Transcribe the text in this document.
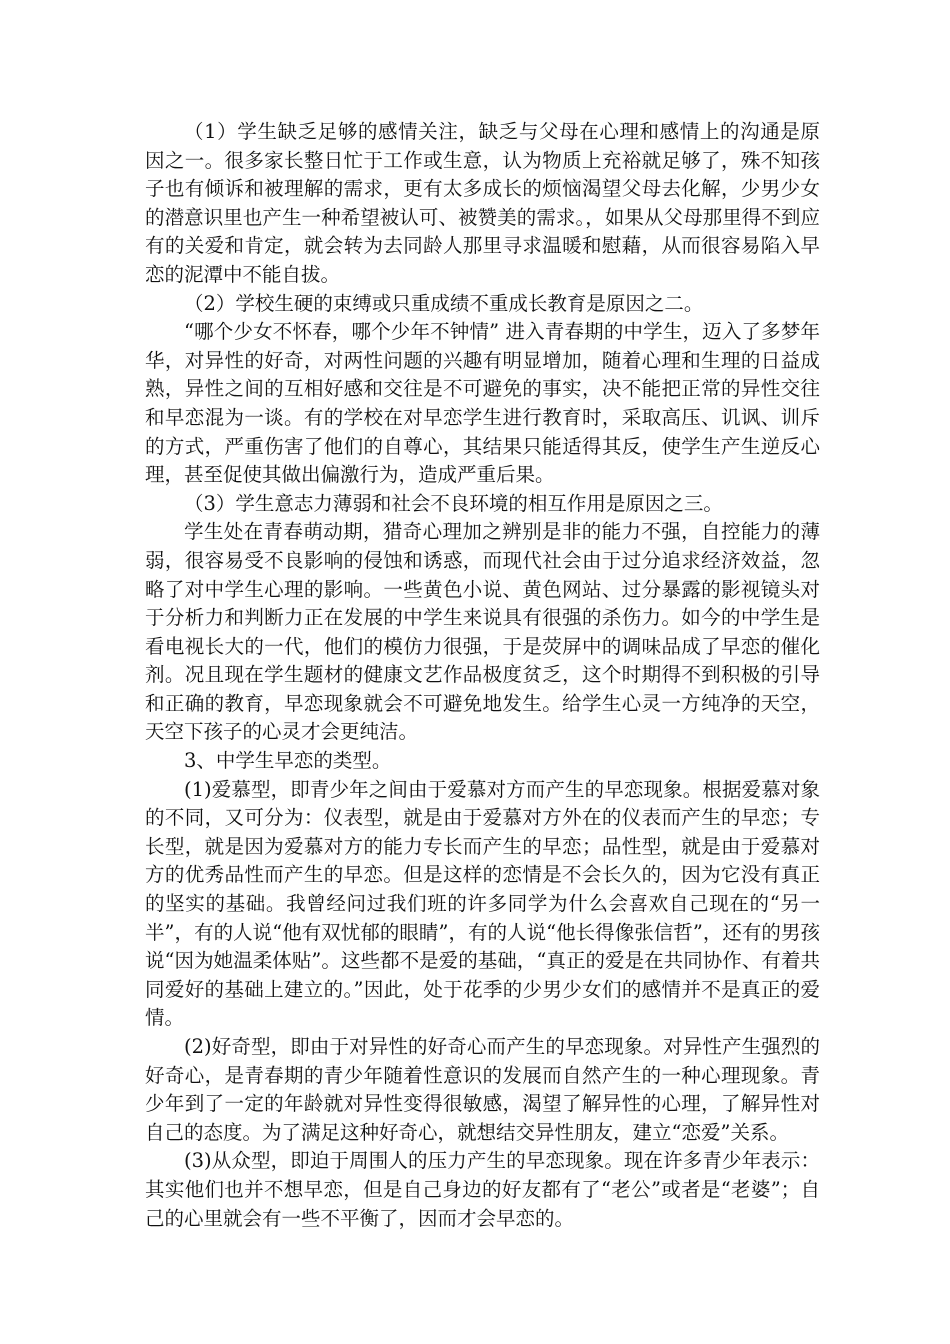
（1）学生缺乏足够的感情关注，缺乏与父母在心理和感情上的沟通是原因之一。很多家长整日忙于工作或生意，认为物质上充裕就足够了，殊不知孩子也有倾诉和被理解的需求，更有太多成长的烦恼渴望父母去化解，少男少女的潜意识里也产生一种希望被认可、被赞美的需求。，如果从父母那里得不到应有的关爱和肯定，就会转为去同龄人那里寻求温暖和慰藉，从而很容易陷入早恋的泥潭中不能自拔。

（2）学校生硬的束缚或只重成绩不重成长教育是原因之二。

“哪个少女不怀春，哪个少年不钟情” 进入青春期的中学生，迈入了多梦年华，对异性的好奇，对两性问题的兴趣有明显增加，随着心理和生理的日益成熟，异性之间的互相好感和交往是不可避免的事实，决不能把正常的异性交往和早恋混为一谈。有的学校在对早恋学生进行教育时，采取高压、讥讽、训斥的方式，严重伤害了他们的自尊心，其结果只能适得其反，使学生产生逆反心理，甚至促使其做出偏激行为，造成严重后果。

（3）学生意志力薄弱和社会不良环境的相互作用是原因之三。

学生处在青春萌动期，猎奇心理加之辨别是非的能力不强，自控能力的薄弱，很容易受不良影响的侵蚀和诱惑，而现代社会由于过分追求经济效益，忽略了对中学生心理的影响。一些黄色小说、黄色网站、过分暴露的影视镜头对于分析力和判断力正在发展的中学生来说具有很强的杀伤力。如今的中学生是看电视长大的一代，他们的模仿力很强，于是荧屏中的调味品成了早恋的催化剂。况且现在学生题材的健康文艺作品极度贫乏，这个时期得不到积极的引导和正确的教育，早恋现象就会不可避免地发生。给学生心灵一方纯净的天空，天空下孩子的心灵才会更纯洁。

3、中学生早恋的类型。

(1)爱慕型，即青少年之间由于爱慕对方而产生的早恋现象。根据爱慕对象的不同，又可分为：仪表型，就是由于爱慕对方外在的仪表而产生的早恋；专长型，就是因为爱慕对方的能力专长而产生的早恋；品性型，就是由于爱慕对方的优秀品性而产生的早恋。但是这样的恋情是不会长久的，因为它没有真正的坚实的基础。我曾经问过我们班的许多同学为什么会喜欢自己现在的“另一半”，有的人说“他有双忧郁的眼睛”，有的人说“他长得像张信哲”，还有的男孩说“因为她温柔体贴”。这些都不是爱的基础，“真正的爱是在共同协作、有着共同爱好的基础上建立的。”因此，处于花季的少男少女们的感情并不是真正的爱情。

(2)好奇型，即由于对异性的好奇心而产生的早恋现象。对异性产生强烈的好奇心，是青春期的青少年随着性意识的发展而自然产生的一种心理现象。青少年到了一定的年龄就对异性变得很敏感，渴望了解异性的心理，了解异性对自己的态度。为了满足这种好奇心，就想结交异性朋友，建立“恋爱”关系。

(3)从众型，即迫于周围人的压力产生的早恋现象。现在许多青少年表示：其实他们也并不想早恋，但是自己身边的好友都有了“老公”或者是“老婆”；自己的心里就会有一些不平衡了，因而才会早恋的。
